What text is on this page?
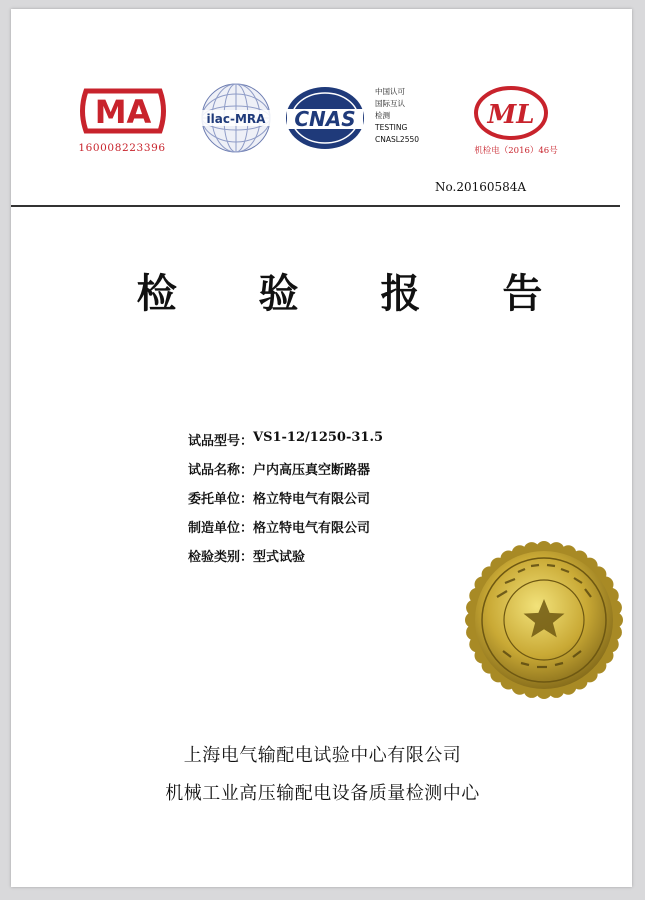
MA
160008223396
ilac-MRA CNAS
中国认可
国际互认
检测
TESTING
CNASL2550
ML
机检电（2016）46号
No.20160584A
检 验 报 告
试品型号： VS1-12/1250-31.5
试品名称： 户内高压真空断路器
委托单位： 格立特电气有限公司
制造单位： 格立特电气有限公司
检验类别： 型式试验
上海电气输配电试验中心有限公司
机械工业高压输配电设备质量检测中心
